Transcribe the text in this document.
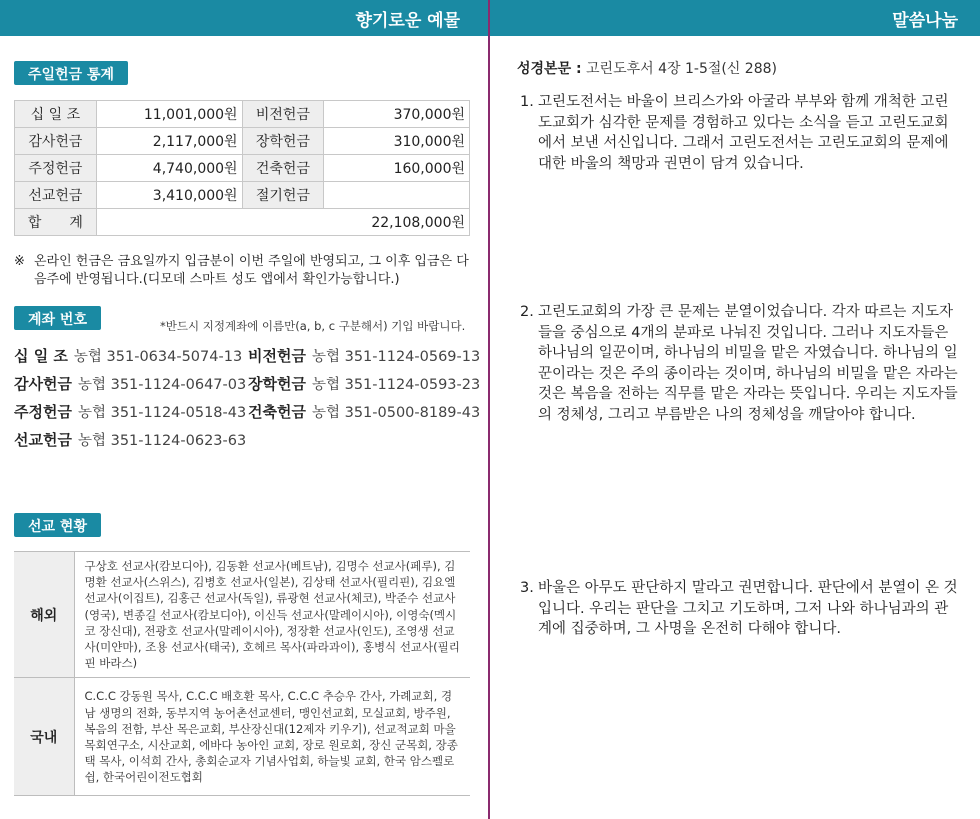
향기로운 예물	말씀나눔
주일헌금 통계
십 일 조	11,001,000원	비전헌금	370,000원
감사헌금	2,117,000원	장학헌금	310,000원
주정헌금	4,740,000원	건축헌금	160,000원
선교헌금	3,410,000원	절기헌금	
합　　계	22,108,000원		
※ 온라인 헌금은 금요일까지 입금분이 이번 주일에 반영되고, 그 이후 입금은 다음주에 반영됩니다.(디모데 스마트 성도 앱에서 확인가능합니다.)
계좌 번호	*반드시 지정계좌에 이름만(a, b, c 구분해서) 기입 바랍니다.
십 일 조 농협 351-0634-5074-13 비전헌금 농협 351-1124-0569-13
감사헌금 농협 351-1124-0647-03 장학헌금 농협 351-1124-0593-23
주정헌금 농협 351-1124-0518-43 건축헌금 농협 351-0500-8189-43
선교헌금 농협 351-1124-0623-63
선교 현황
해외	구상호 선교사(캄보디아), 김동환 선교사(베트남), 김명수 선교사(페루), 김명환 선교사(스위스), 김병호 선교사(일본), 김상태 선교사(필리핀), 김요엘 선교사(이집트), 김홍근 선교사(독일), 류광현 선교사(체코), 박준수 선교사(영국), 변종길 선교사(캄보디아), 이신득 선교사(말레이시아), 이영숙(멕시코 장신대), 전광호 선교사(말레이시아), 정장환 선교사(인도), 조영생 선교사(미얀마), 조용 선교사(태국), 호헤르 목사(파라과이), 홍병식 선교사(필리핀 바라스)
국내	C.C.C 강동원 목사, C.C.C 배호환 목사, C.C.C 추승우 간사, 가례교회, 경남 생명의 전화, 동부지역 농어촌선교센터, 맹인선교회, 모실교회, 방주원, 복음의 전함, 부산 목은교회, 부산장신대(12제자 키우기), 선교적교회 마을목회연구소, 시산교회, 에바다 농아인 교회, 장로 원로회, 장신 군목회, 장종택 목사, 이석희 간사, 총회순교자 기념사업회, 하늘빛 교회, 한국 암스펠로쉽, 한국어린이전도협회
성경본문 : 고린도후서 4장 1-5절(신 288)
1. 고린도전서는 바울이 브리스가와 아굴라 부부와 함께 개척한 고린도교회가 심각한 문제를 경험하고 있다는 소식을 듣고 고린도교회에서 보낸 서신입니다. 그래서 고린도전서는 고린도교회의 문제에 대한 바울의 책망과 권면이 담겨 있습니다.
2. 고린도교회의 가장 큰 문제는 분열이었습니다. 각자 따르는 지도자들을 중심으로 4개의 분파로 나눠진 것입니다. 그러나 지도자들은 하나님의 일꾼이며, 하나님의 비밀을 맡은 자였습니다. 하나님의 일꾼이라는 것은 주의 종이라는 것이며, 하나님의 비밀을 맡은 자라는 것은 복음을 전하는 직무를 맡은 자라는 뜻입니다. 우리는 지도자들의 정체성, 그리고 부름받은 나의 정체성을 깨달아야 합니다.
3. 바울은 아무도 판단하지 말라고 권면합니다. 판단에서 분열이 온 것입니다. 우리는 판단을 그치고 기도하며, 그저 나와 하나님과의 관계에 집중하며, 그 사명을 온전히 다해야 합니다.
